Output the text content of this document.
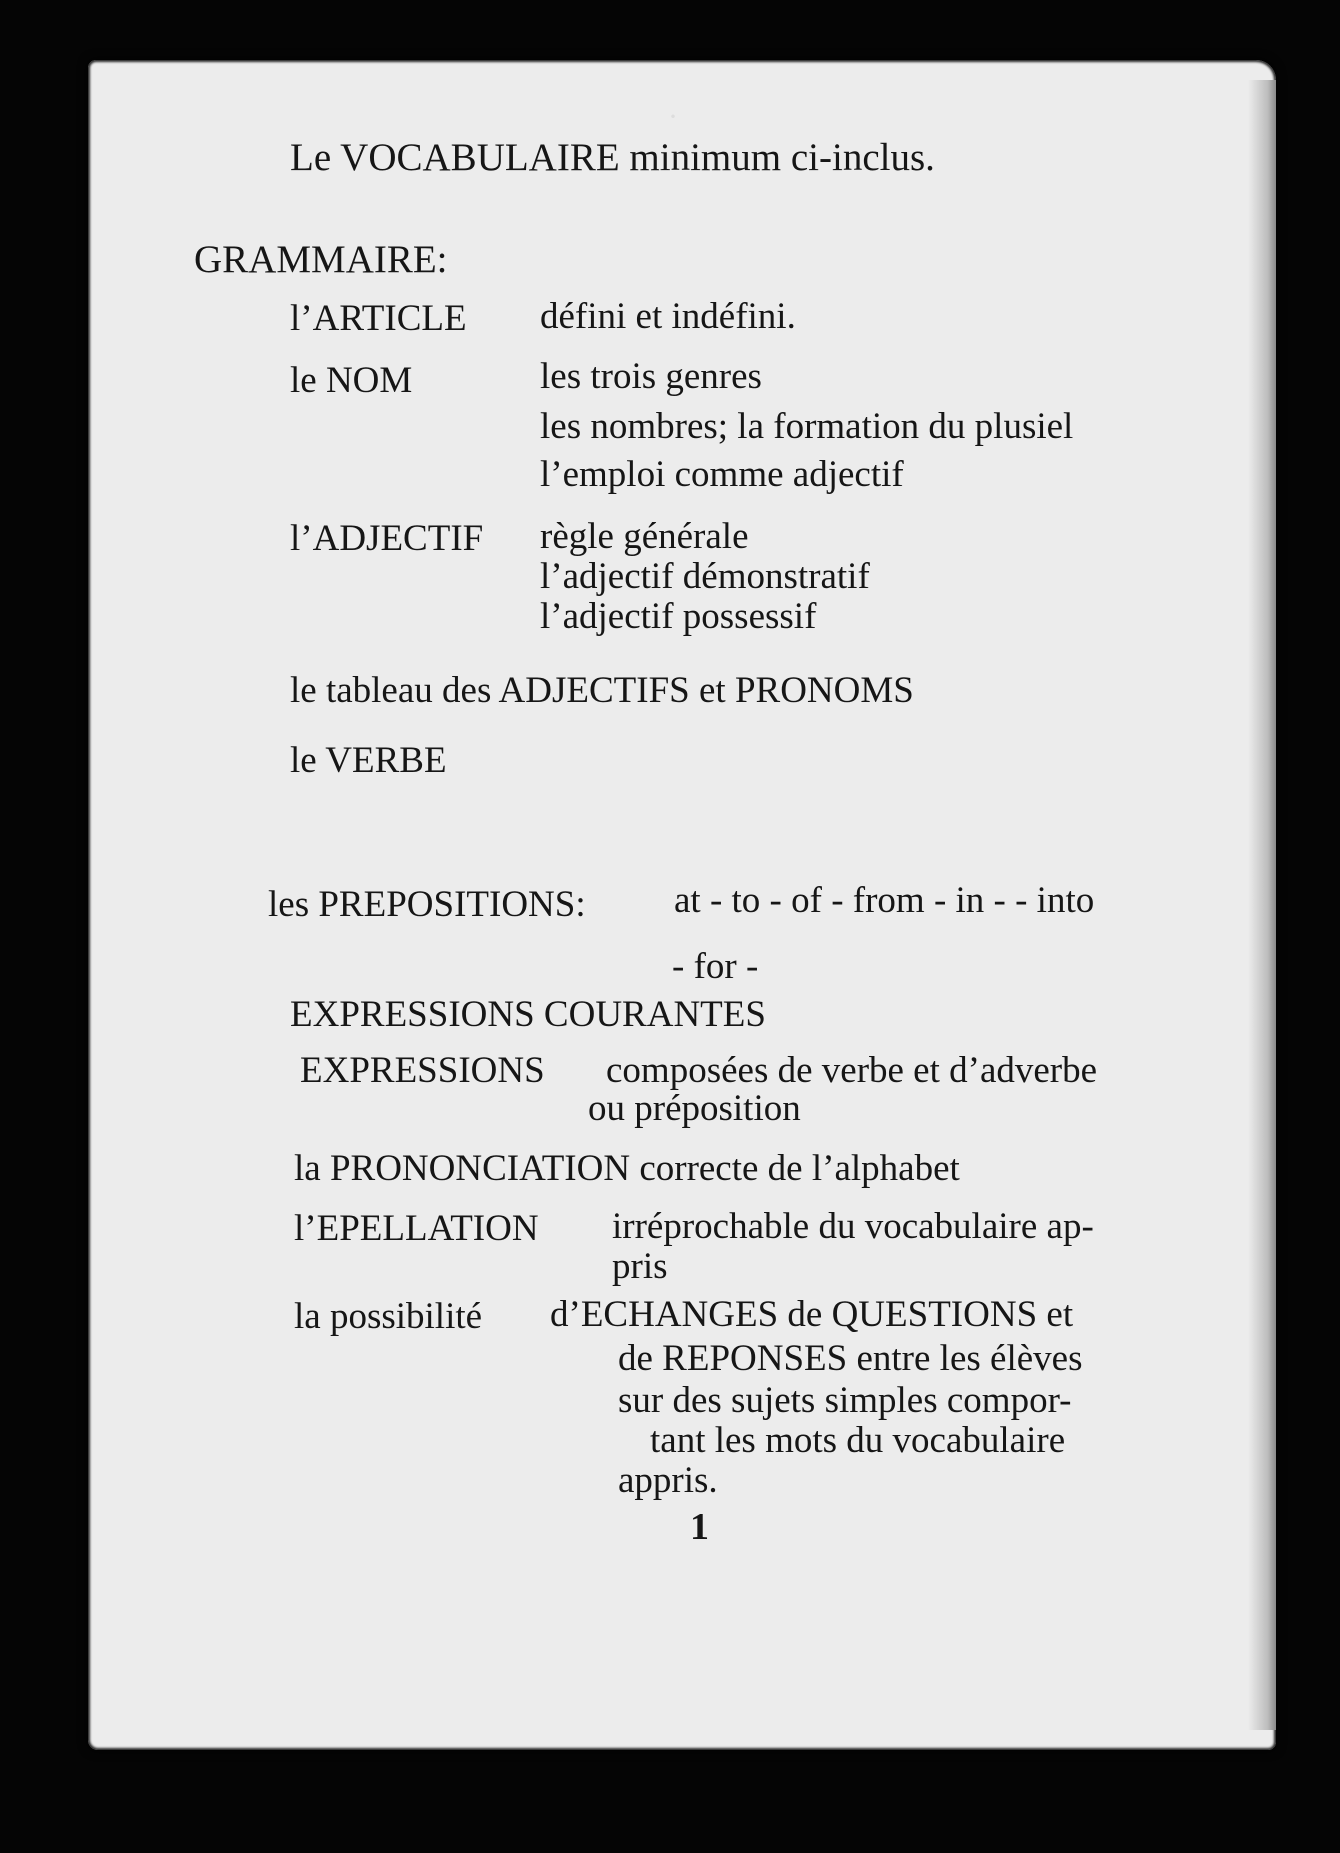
·
Le VOCABULAIRE minimum ci-inclus.
GRAMMAIRE:
l’ARTICLE défini et indéfini.
le NOM	les trois genres
les nombres; la formation du plusiel
l’emploi comme adjectif
l’ADJECTIF règle générale
l’adjectif démonstratif
l’adjectif possessif
le tableau des ADJECTIFS et PRONOMS
le VERBE
les PREPOSITIONS: at - to - of - from - in - - into
- for -
EXPRESSIONS COURANTES
EXPRESSIONS composées de verbe et d’adverbe
ou préposition
la PRONONCIATION correcte de l’alphabet
l’EPELLATION irréprochable du vocabulaire ap-
pris
la possibilité d’ECHANGES de QUESTIONS et
de REPONSES entre les élèves
sur des sujets simples compor-
tant les mots du vocabulaire
appris.
1
